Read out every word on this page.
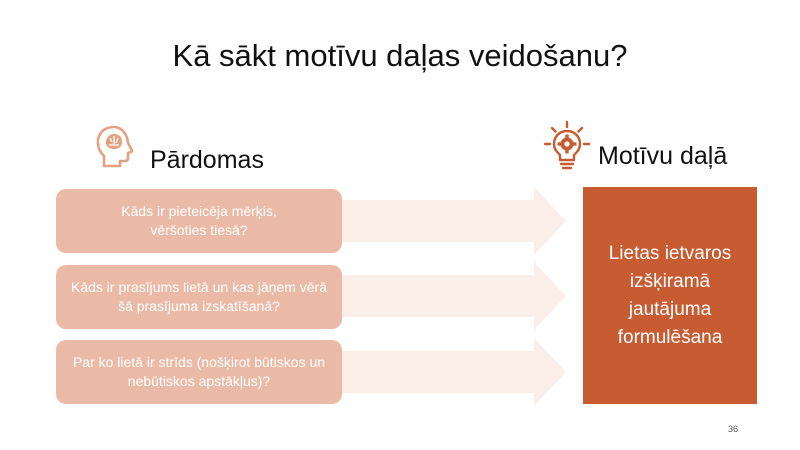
Kā sākt motīvu daļas veidošanu?
Pārdomas	Motīvu daļā
Kāds ir pieteicēja mērķis, vēršoties tiesā?
Kāds ir prasījums lietā un kas jāņem vērā šā prasījuma izskatīšanā?
Par ko lietā ir strīds (nošķirot būtiskos un nebūtiskos apstākļus)?
Lietas ietvaros izšķiramā jautājuma formulēšana
36
